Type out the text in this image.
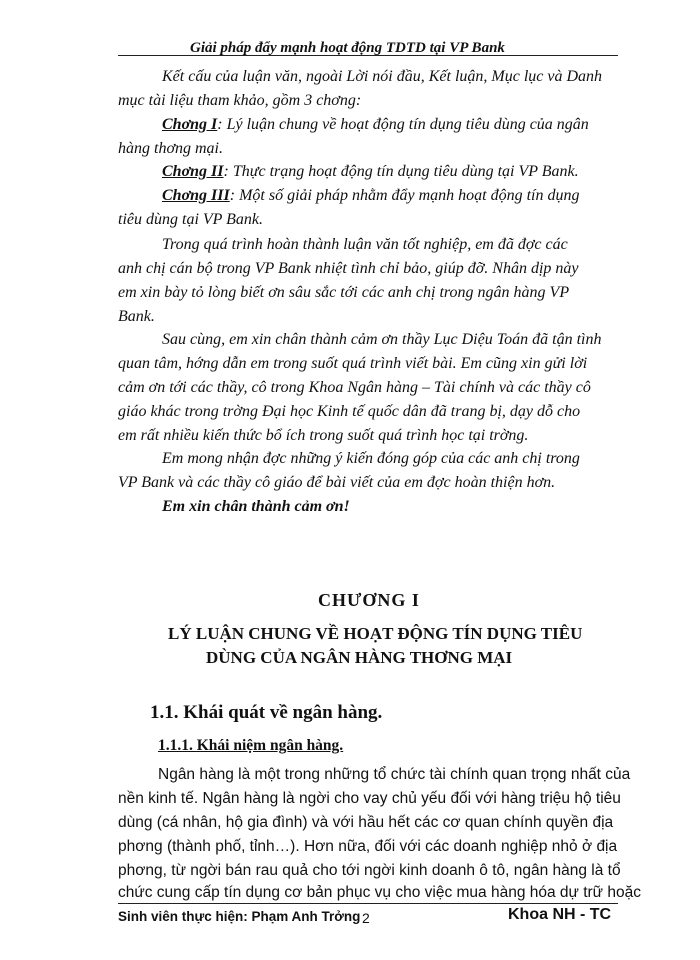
Giải pháp đẩy mạnh hoạt động TDTD tại VP Bank
Kết cấu của luận văn, ngoài Lời nói đầu, Kết luận, Mục lục và Danh
mục tài liệu tham khảo, gồm 3 chơng:
Chơng I: Lý luận chung về hoạt động tín dụng tiêu dùng của ngân
hàng thơng mại.
Chơng II: Thực trạng hoạt động tín dụng tiêu dùng tại VP Bank.
Chơng III: Một số giải pháp nhằm đẩy mạnh hoạt động tín dụng
tiêu dùng tại VP Bank.
Trong quá trình hoàn thành luận văn tốt nghiệp, em đã đợc các
anh chị cán bộ trong VP Bank nhiệt tình chỉ bảo, giúp đỡ. Nhân dịp này
em xin bày tỏ lòng biết ơn sâu sắc tới các anh chị trong ngân hàng VP
Bank.
Sau cùng, em xin chân thành cảm ơn thầy Lục Diệu Toán đã tận tình
quan tâm, hớng dẫn em trong suốt quá trình viết bài. Em cũng xin gửi lời
cảm ơn tới các thầy, cô trong Khoa Ngân hàng – Tài chính và các thầy cô
giáo khác trong trờng Đại học Kinh tế quốc dân đã trang bị, dạy dỗ cho
em rất nhiều kiến thức bổ ích trong suốt quá trình học tại trờng.
Em mong nhận đợc những ý kiến đóng góp của các anh chị trong
VP Bank và các thầy cô giáo để bài viết của em đợc hoàn thiện hơn.
Em xin chân thành cảm ơn!
CHƯƠNG I
LÝ LUẬN CHUNG VỀ HOẠT ĐỘNG TÍN DỤNG TIÊU
DÙNG CỦA NGÂN HÀNG THƠNG MẠI
1.1. Khái quát về ngân hàng.
1.1.1. Khái niệm ngân hàng.
Ngân hàng là một trong những tổ chức tài chính quan trọng nhất của
nền kinh tế. Ngân hàng là ngời cho vay chủ yếu đối với hàng triệu hộ tiêu
dùng (cá nhân, hộ gia đình) và với hầu hết các cơ quan chính quyền địa
phơng (thành phố, tỉnh…). Hơn nữa, đối với các doanh nghiệp nhỏ ở địa
phơng, từ ngời bán rau quả cho tới ngời kinh doanh ô tô, ngân hàng là tổ
chức cung cấp tín dụng cơ bản phục vụ cho việc mua hàng hóa dự trữ hoặc
Sinh viên thực hiện: Phạm Anh Trởng 2	Khoa NH - TC
